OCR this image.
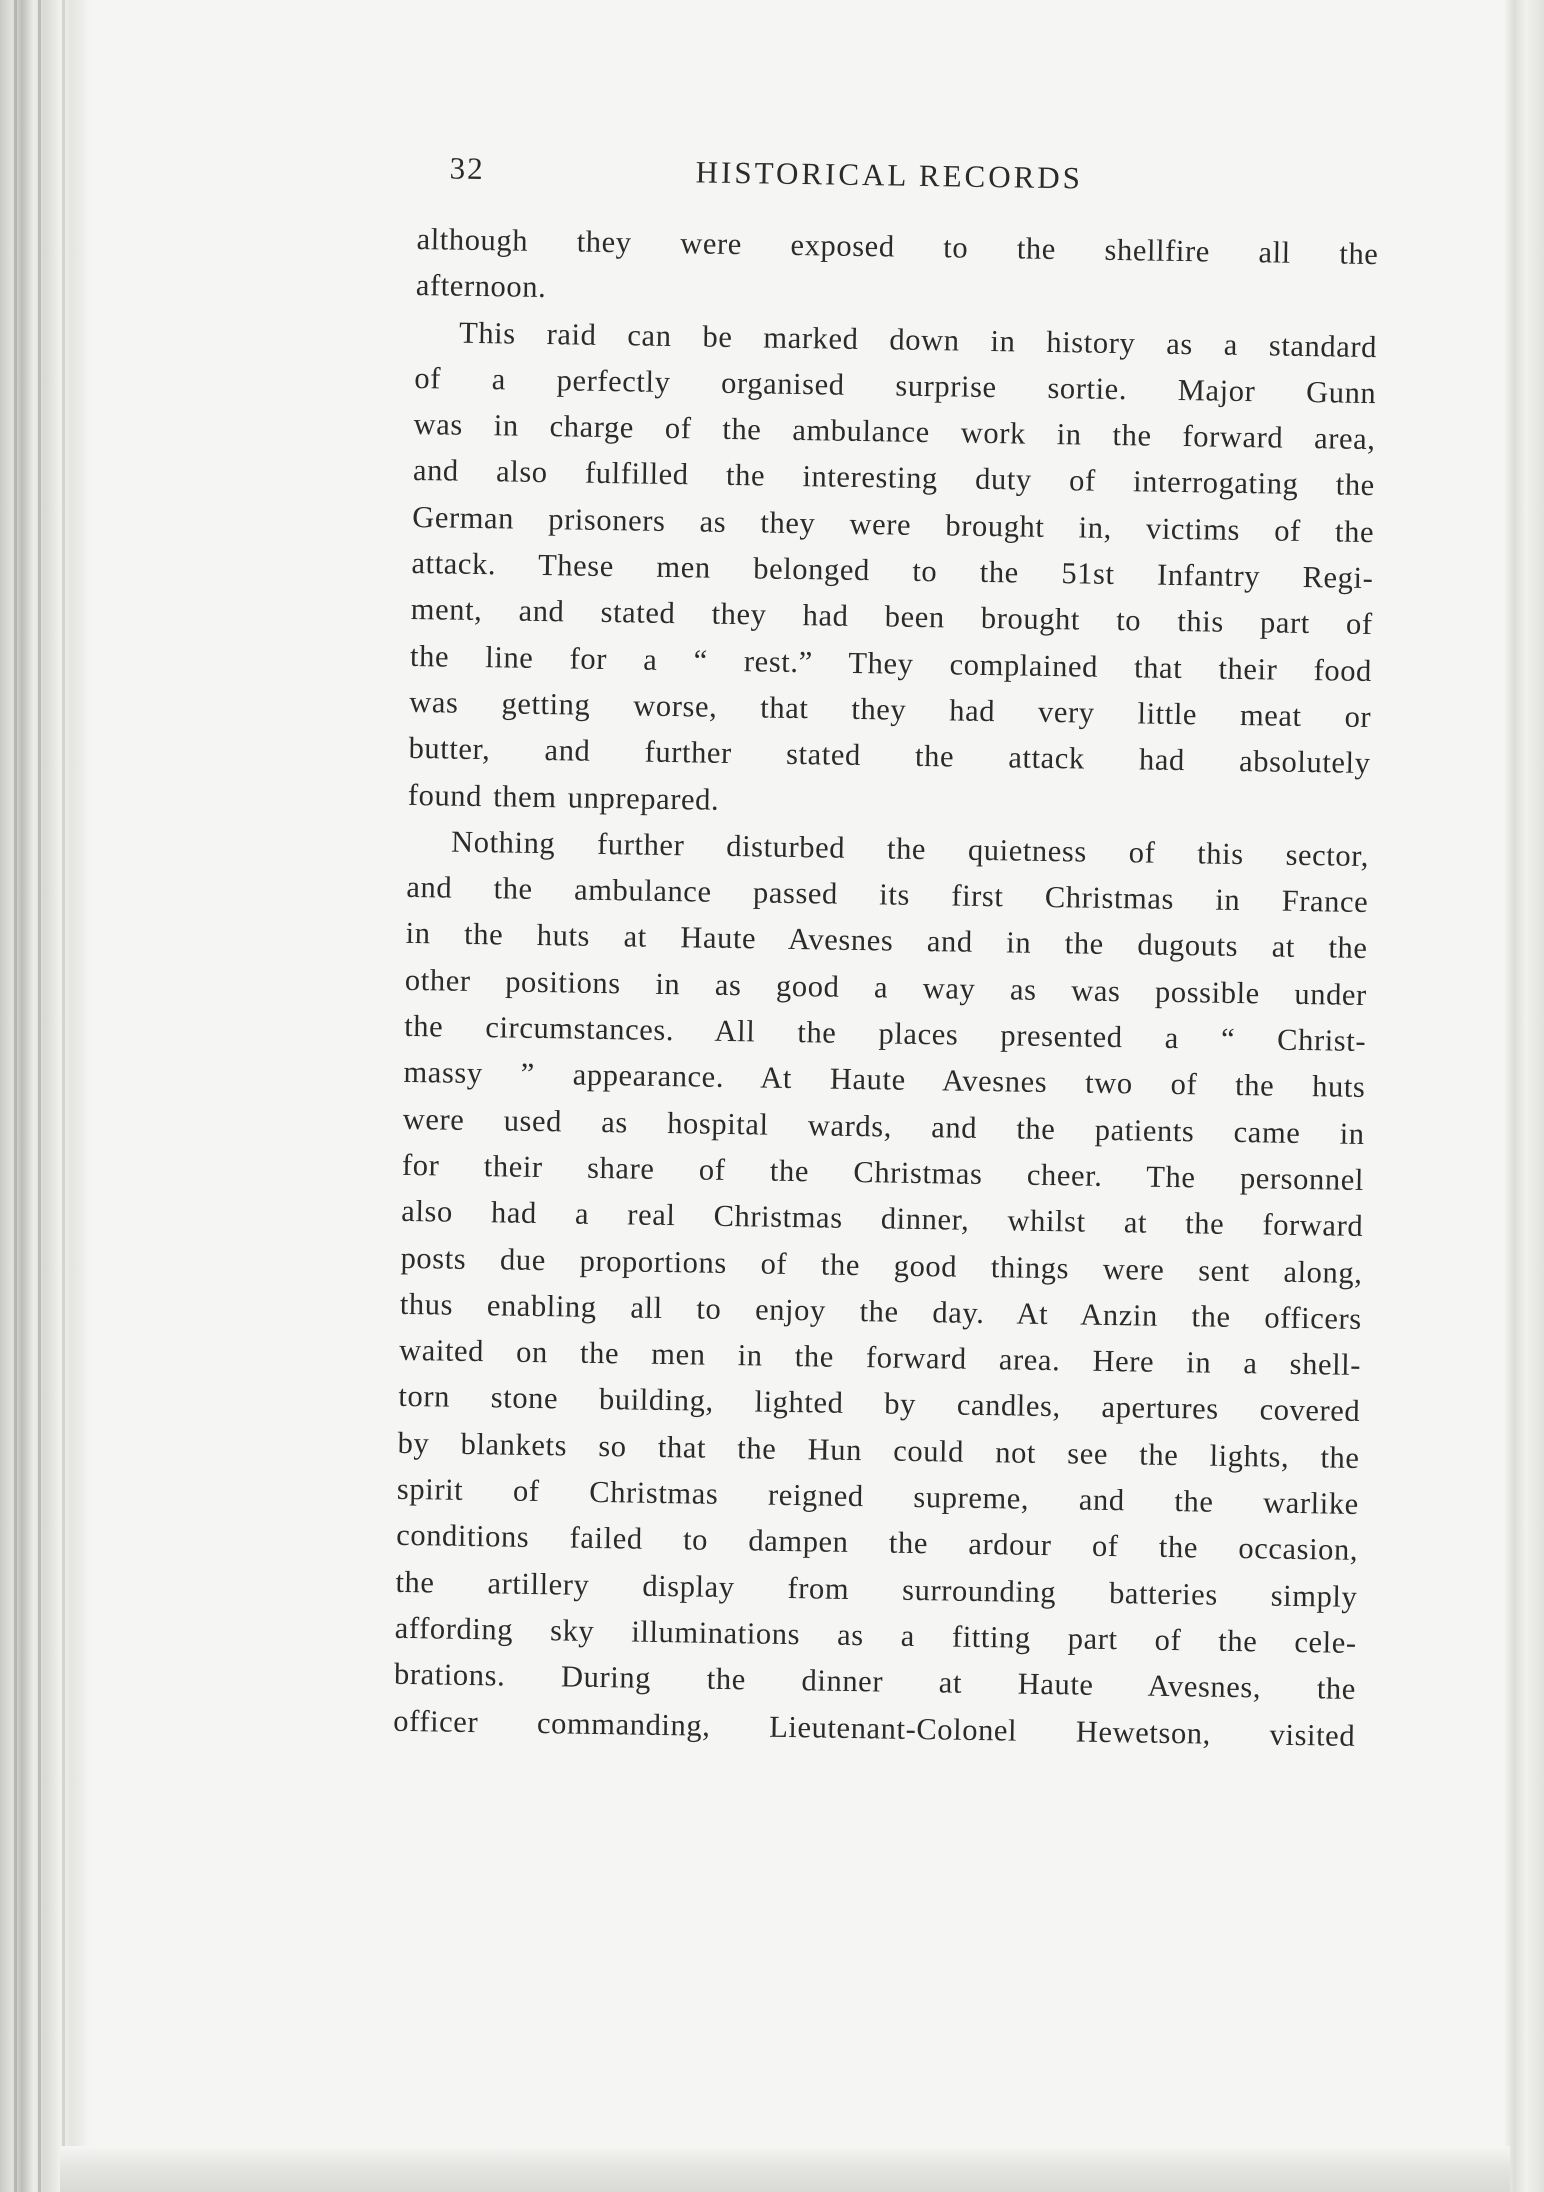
32	HISTORICAL RECORDS
although they were exposed to the shellfire all the
afternoon.
This raid can be marked down in history as a standard
of a perfectly organised surprise sortie. Major Gunn
was in charge of the ambulance work in the forward area,
and also fulfilled the interesting duty of interrogating the
German prisoners as they were brought in, victims of the
attack. These men belonged to the 51st Infantry Regi-
ment, and stated they had been brought to this part of
the line for a “ rest.” They complained that their food
was getting worse, that they had very little meat or
butter, and further stated the attack had absolutely
found them unprepared.
Nothing further disturbed the quietness of this sector,
and the ambulance passed its first Christmas in France
in the huts at Haute Avesnes and in the dugouts at the
other positions in as good a way as was possible under
the circumstances. All the places presented a “ Christ-
massy ” appearance. At Haute Avesnes two of the huts
were used as hospital wards, and the patients came in
for their share of the Christmas cheer. The personnel
also had a real Christmas dinner, whilst at the forward
posts due proportions of the good things were sent along,
thus enabling all to enjoy the day. At Anzin the officers
waited on the men in the forward area. Here in a shell-
torn stone building, lighted by candles, apertures covered
by blankets so that the Hun could not see the lights, the
spirit of Christmas reigned supreme, and the warlike
conditions failed to dampen the ardour of the occasion,
the artillery display from surrounding batteries simply
affording sky illuminations as a fitting part of the cele-
brations. During the dinner at Haute Avesnes, the
officer commanding, Lieutenant-Colonel Hewetson, visited
